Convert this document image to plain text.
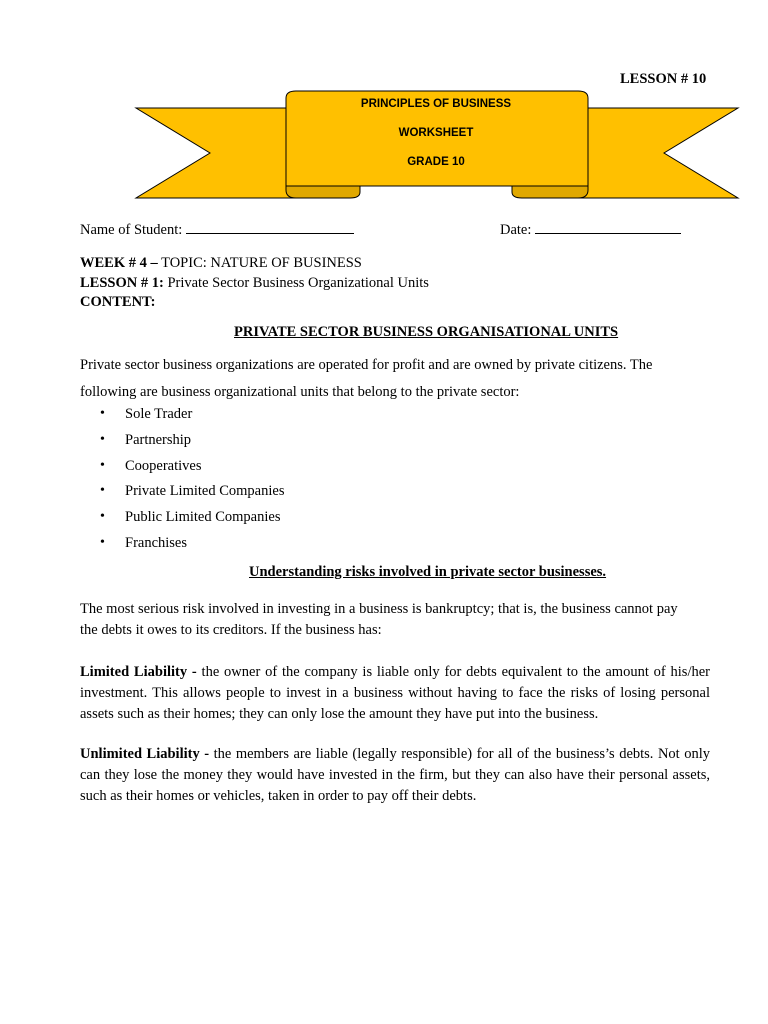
LESSON # 10
PRINCIPLES OF BUSINESS
WORKSHEET
GRADE 10
Name of Student:	Date:
WEEK # 4 – TOPIC: NATURE OF BUSINESS
LESSON # 1: Private Sector Business Organizational Units
CONTENT:
PRIVATE SECTOR BUSINESS ORGANISATIONAL UNITS
Private sector business organizations are operated for profit and are owned by private citizens. The following are business organizational units that belong to the private sector:
• Sole Trader
• Partnership
• Cooperatives
• Private Limited Companies
• Public Limited Companies
• Franchises
Understanding risks involved in private sector businesses.
The most serious risk involved in investing in a business is bankruptcy; that is, the business cannot pay the debts it owes to its creditors. If the business has:
Limited Liability - the owner of the company is liable only for debts equivalent to the amount of his/her investment. This allows people to invest in a business without having to face the risks of losing personal assets such as their homes; they can only lose the amount they have put into the business.
Unlimited Liability - the members are liable (legally responsible) for all of the business’s debts. Not only can they lose the money they would have invested in the firm, but they can also have their personal assets, such as their homes or vehicles, taken in order to pay off their debts.
